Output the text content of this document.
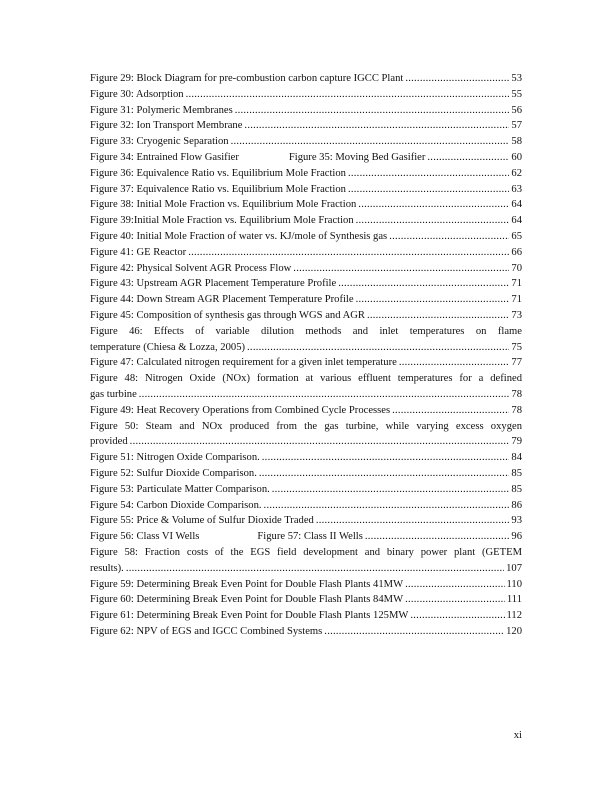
Figure 29: Block Diagram for pre-combustion carbon capture IGCC Plant . . .	53
Figure 30: Adsorption . . .	55
Figure 31: Polymeric Membranes . . .	56
Figure 32: Ion Transport Membrane . . .	57
Figure 33: Cryogenic Separation . . .	58
Figure 34: Entrained Flow Gasifier	Figure 35: Moving Bed Gasifier . . .	60
Figure 36: Equivalence Ratio vs. Equilibrium Mole Fraction . . .	62
Figure 37: Equivalence Ratio vs. Equilibrium Mole Fraction . . .	63
Figure 38: Initial Mole Fraction vs. Equilibrium Mole Fraction . . .	64
Figure 39:Initial Mole Fraction vs. Equilibrium Mole Fraction . . .	64
Figure 40: Initial Mole Fraction of water vs. KJ/mole of Synthesis gas . . .	65
Figure 41: GE Reactor . . .	66
Figure 42: Physical Solvent AGR Process Flow . . .	70
Figure 43: Upstream AGR Placement Temperature Profile . . .	71
Figure 44: Down Stream AGR Placement Temperature Profile . . .	71
Figure 45: Composition of synthesis gas through WGS and AGR . . .	73
Figure 46: Effects of variable dilution methods and inlet temperatures on flame
temperature (Chiesa & Lozza, 2005) . . .	75
Figure 47: Calculated nitrogen requirement for a given inlet temperature . . .	77
Figure 48: Nitrogen Oxide (NOx) formation at various effluent temperatures for a defined
gas turbine . . .	78
Figure 49: Heat Recovery Operations from Combined Cycle Processes . . .	78
Figure 50: Steam and NOx produced from the gas turbine, while varying excess oxygen
provided . . .	79
Figure 51: Nitrogen Oxide Comparison. . . .	84
Figure 52: Sulfur Dioxide Comparison. . . .	85
Figure 53: Particulate Matter Comparison. . . .	85
Figure 54: Carbon Dioxide Comparison. . . .	86
Figure 55: Price & Volume of Sulfur Dioxide Traded . . .	93
Figure 56: Class VI Wells	Figure 57: Class II Wells . . .	96
Figure 58: Fraction costs of the EGS field development and binary power plant (GETEM
results). . . .	107
Figure 59: Determining Break Even Point for Double Flash Plants 41MW . . .	110
Figure 60: Determining Break Even Point for Double Flash Plants 84MW . . .	111
Figure 61: Determining Break Even Point for Double Flash Plants 125MW . . .	112
Figure 62: NPV of EGS and IGCC Combined Systems . . .	120
xi
